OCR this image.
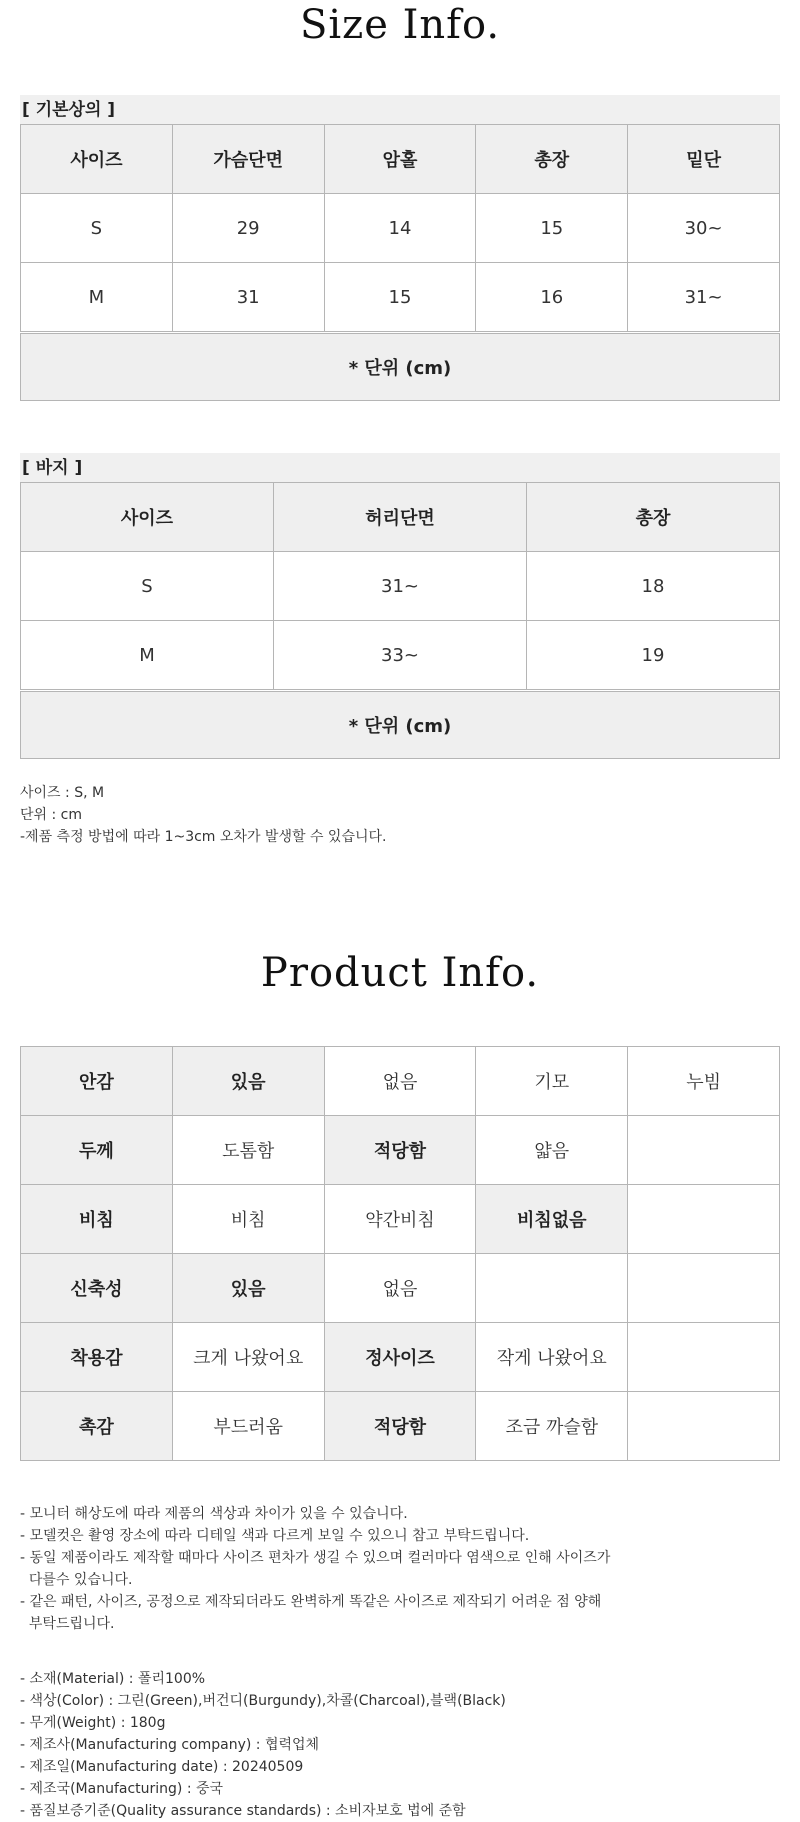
Size Info.
[ 기본상의 ]
사이즈	가슴단면	암홀	총장	밑단
S	29	14	15	30~
M	31	15	16	31~
* 단위 (cm)				
[ 바지 ]
사이즈	허리단면	총장
S	31~	18
M	33~	19
* 단위 (cm)		
사이즈 : S, M
단위 : cm
-제품 측정 방법에 따라 1~3cm 오차가 발생할 수 있습니다.
Product Info.
안감	있음	없음	기모	누빔
두께	도톰함	적당함	얇음	
비침	비침	약간비침	비침없음	
신축성	있음	없음		
착용감	크게 나왔어요	정사이즈	작게 나왔어요	
촉감	부드러움	적당함	조금 까슬함	
- 모니터 해상도에 따라 제품의 색상과 차이가 있을 수 있습니다.
- 모델컷은 촬영 장소에 따라 디테일 색과 다르게 보일 수 있으니 참고 부탁드립니다.
- 동일 제품이라도 제작할 때마다 사이즈 편차가 생길 수 있으며 컬러마다 염색으로 인해 사이즈가
다를수 있습니다.
- 같은 패턴, 사이즈, 공정으로 제작되더라도 완벽하게 똑같은 사이즈로 제작되기 어려운 점 양해
부탁드립니다.
- 소재(Material) : 폴리100%
- 색상(Color) : 그린(Green),버건디(Burgundy),차콜(Charcoal),블랙(Black)
- 무게(Weight) : 180g
- 제조사(Manufacturing company) : 협력업체
- 제조일(Manufacturing date) : 20240509
- 제조국(Manufacturing) : 중국
- 품질보증기준(Quality assurance standards) : 소비자보호 법에 준함
